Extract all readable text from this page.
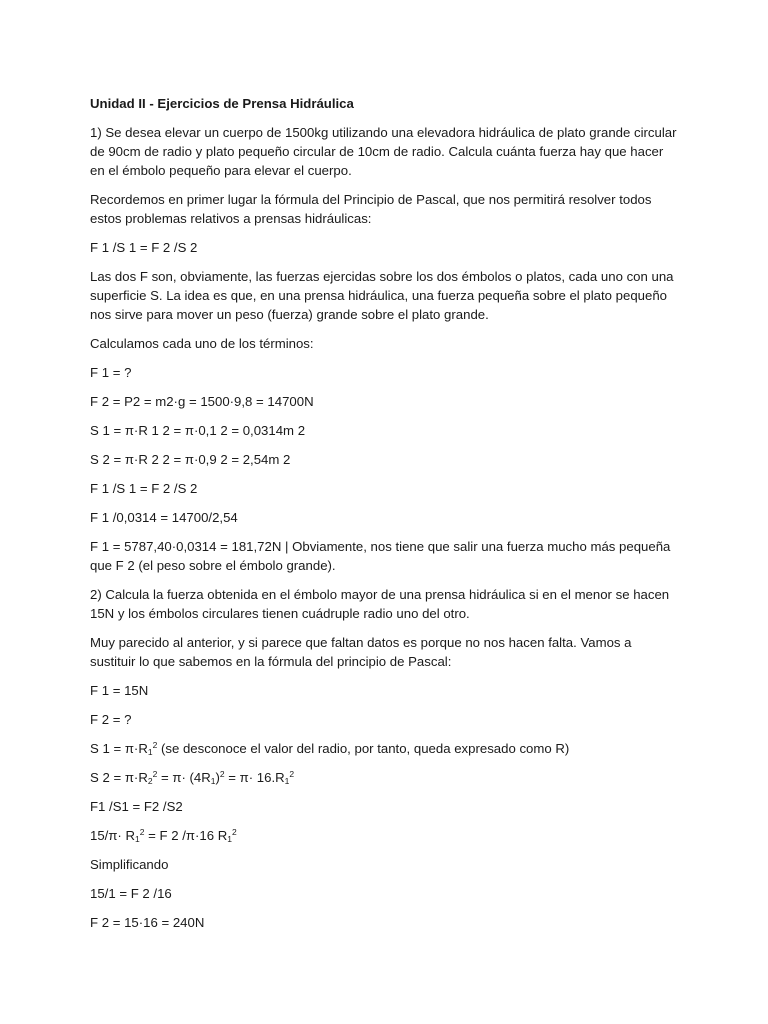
Unidad II - Ejercicios de Prensa Hidráulica

1) Se desea elevar un cuerpo de 1500kg utilizando una elevadora hidráulica de plato grande circular de 90cm de radio y plato pequeño circular de 10cm de radio. Calcula cuánta fuerza hay que hacer en el émbolo pequeño para elevar el cuerpo.

Recordemos en primer lugar la fórmula del Principio de Pascal, que nos permitirá resolver todos estos problemas relativos a prensas hidráulicas:

F 1 /S 1 = F 2 /S 2

Las dos F son, obviamente, las fuerzas ejercidas sobre los dos émbolos o platos, cada uno con una superficie S. La idea es que, en una prensa hidráulica, una fuerza pequeña sobre el plato pequeño nos sirve para mover un peso (fuerza) grande sobre el plato grande.

Calculamos cada uno de los términos:

F 1 = ?

F 2 = P2 = m2·g = 1500·9,8 = 14700N

S 1 = π·R 1 2 = π·0,1 2 = 0,0314m 2

S 2 = π·R 2 2 = π·0,9 2 = 2,54m 2

F 1 /S 1 = F 2 /S 2

F 1 /0,0314 = 14700/2,54

F 1 = 5787,40·0,0314 = 181,72N | Obviamente, nos tiene que salir una fuerza mucho más pequeña que F 2 (el peso sobre el émbolo grande).

2) Calcula la fuerza obtenida en el émbolo mayor de una prensa hidráulica si en el menor se hacen 15N y los émbolos circulares tienen cuádruple radio uno del otro.

Muy parecido al anterior, y si parece que faltan datos es porque no nos hacen falta. Vamos a sustituir lo que sabemos en la fórmula del principio de Pascal:

F 1 = 15N

F 2 = ?

S $1 = \pi\cdot R_1^2$ (se desconoce el valor del radio, por tanto, queda expresado como R)

S $2 = \pi\cdot R_2^2 = \pi\cdot (4R_1)^2 = \pi\cdot 16.R_1^2$

F1 /S1 = F2 /S2

$15/\pi\cdot R_1^2 = F$ 2 /π·16 $R_1^2$

Simplificando

15/1 = F 2 /16

F 2 = 15·16 = 240N
